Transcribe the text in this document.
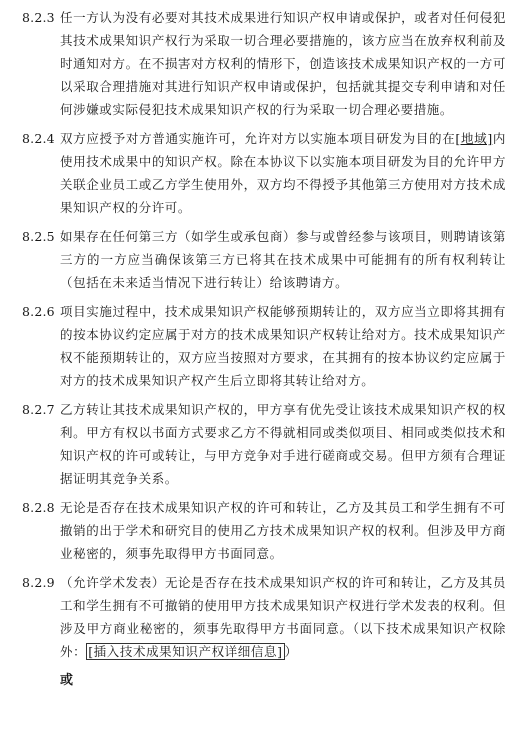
8.2.3 任一方认为没有必要对其技术成果进行知识产权申请或保护，或者对任何侵犯其技术成果知识产权行为采取一切合理必要措施的，该方应当在放弃权利前及时通知对方。在不损害对方权利的情形下，创造该技术成果知识产权的一方可以采取合理措施对其进行知识产权申请或保护，包括就其提交专利申请和对任何涉嫌或实际侵犯技术成果知识产权的行为采取一切合理必要措施。
8.2.4 双方应授予对方普通实施许可，允许对方以实施本项目研发为目的在[地域]内使用技术成果中的知识产权。除在本协议下以实施本项目研发为目的允许甲方关联企业员工或乙方学生使用外，双方均不得授予其他第三方使用对方技术成果知识产权的分许可。
8.2.5 如果存在任何第三方（如学生或承包商）参与或曾经参与该项目，则聘请该第三方的一方应当确保该第三方已将其在技术成果中可能拥有的所有权利转让（包括在未来适当情况下进行转让）给该聘请方。
8.2.6 项目实施过程中，技术成果知识产权能够预期转让的，双方应当立即将其拥有的按本协议约定应属于对方的技术成果知识产权转让给对方。技术成果知识产权不能预期转让的，双方应当按照对方要求，在其拥有的按本协议约定应属于对方的技术成果知识产权产生后立即将其转让给对方。
8.2.7 乙方转让其技术成果知识产权的，甲方享有优先受让该技术成果知识产权的权利。甲方有权以书面方式要求乙方不得就相同或类似项目、相同或类似技术和知识产权的许可或转让，与甲方竞争对手进行磋商或交易。但甲方须有合理证据证明其竞争关系。
8.2.8 无论是否存在技术成果知识产权的许可和转让，乙方及其员工和学生拥有不可撤销的出于学术和研究目的使用乙方技术成果知识产权的权利。但涉及甲方商业秘密的，须事先取得甲方书面同意。
8.2.9 （允许学术发表）无论是否存在技术成果知识产权的许可和转让，乙方及其员工和学生拥有不可撤销的使用甲方技术成果知识产权进行学术发表的权利。但涉及甲方商业秘密的，须事先取得甲方书面同意。（以下技术成果知识产权除外： [插入技术成果知识产权详细信息] ）
或
